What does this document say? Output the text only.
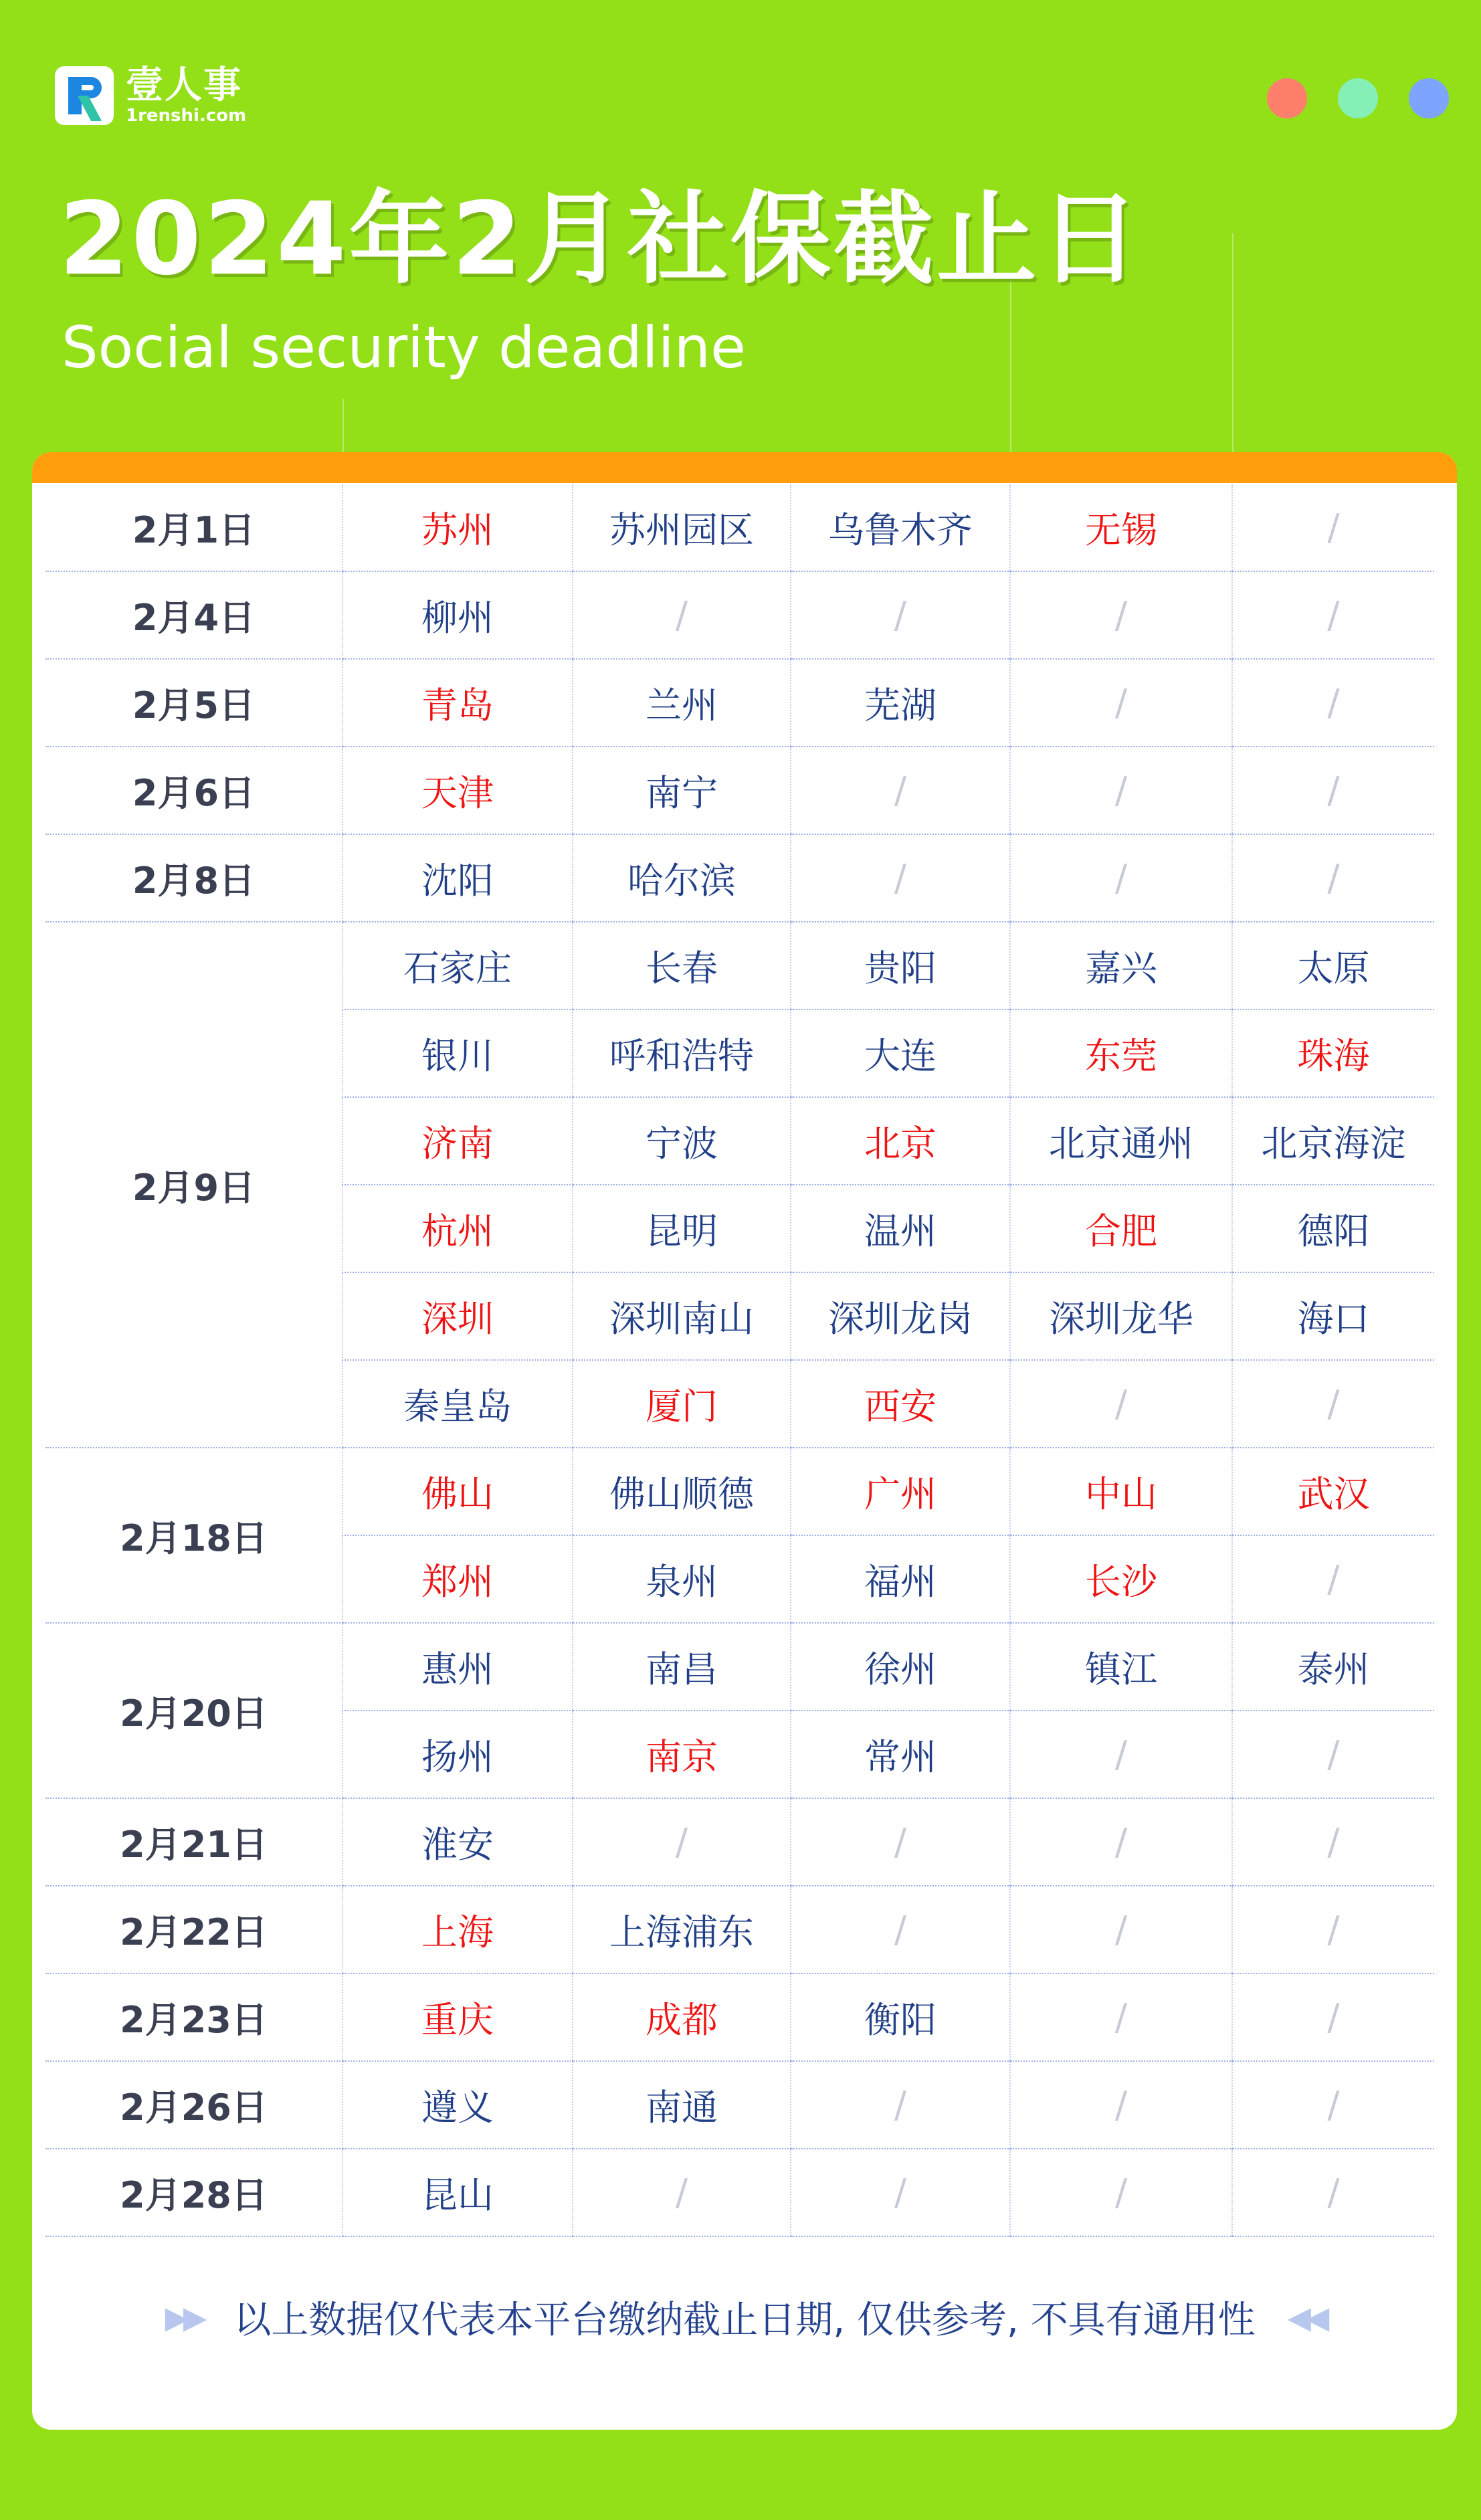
壹人事
1renshi.com
2024年2月社保截止日
Social security deadline
2月1日	苏州	苏州园区	乌鲁木齐	无锡	/
2月4日	柳州	/	/	/	/
2月5日	青岛	兰州	芜湖	/	/
2月6日	天津	南宁	/	/	/
2月8日	沈阳	哈尔滨	/	/	/
2月9日	石家庄	长春	贵阳	嘉兴	太原
	银川	呼和浩特	大连	东莞	珠海
	济南	宁波	北京	北京通州	北京海淀
	杭州	昆明	温州	合肥	德阳
	深圳	深圳南山	深圳龙岗	深圳龙华	海口
	秦皇岛	厦门	西安	/	/
2月18日	佛山	佛山顺德	广州	中山	武汉
	郑州	泉州	福州	长沙	/
2月20日	惠州	南昌	徐州	镇江	泰州
	扬州	南京	常州	/	/
2月21日	淮安	/	/	/	/
2月22日	上海	上海浦东	/	/	/
2月23日	重庆	成都	衡阳	/	/
2月26日	遵义	南通	/	/	/
2月28日	昆山	/	/	/	/
▶▶ 以上数据仅代表本平台缴纳截止日期, 仅供参考, 不具有通用性 ◀◀
